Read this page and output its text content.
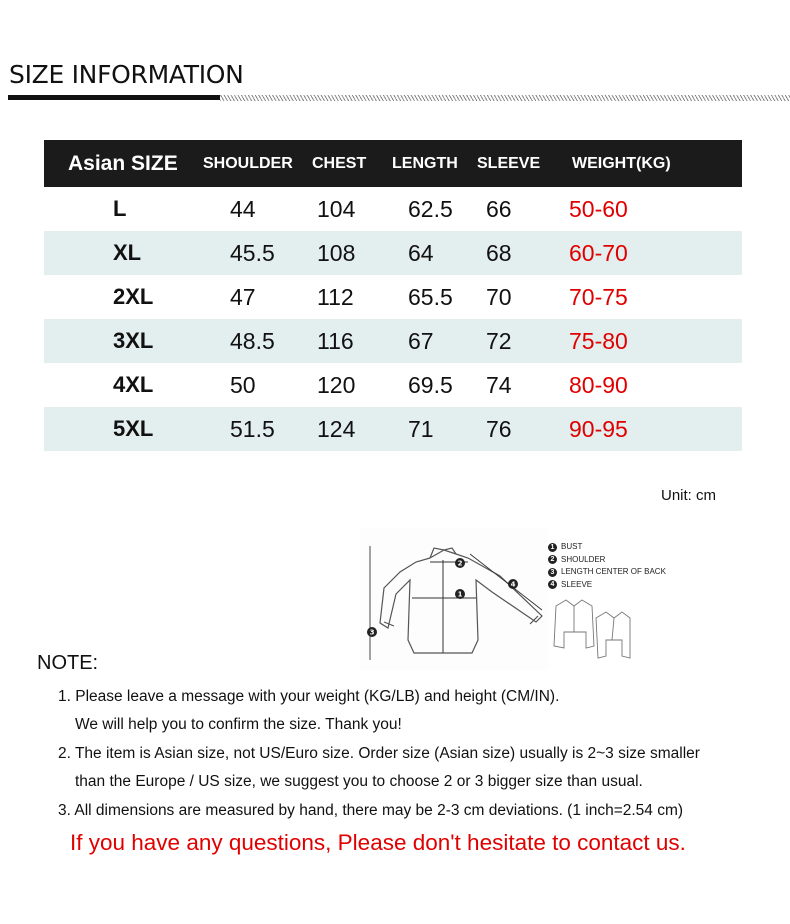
SIZE INFORMATION
Asian SIZE SHOULDER CHEST LENGTH SLEEVE WEIGHT(KG)
L	44	104 62.5 66 50-60
XL	45.5 108 64 68 60-70
2XL	47	112 65.5 70 70-75
3XL	48.5 116 67 72 75-80
4XL	50	120 69.5 74 80-90
5XL	51.5 124 71 76 90-95
Unit: cm
1
2
3
4
1 BUST
2 SHOULDER
3 LENGTH CENTER OF BACK
4 SLEEVE
NOTE:
1. Please leave a message with your weight (KG/LB) and height (CM/IN).
We will help you to confirm the size. Thank you!
2. The item is Asian size, not US/Euro size. Order size (Asian size) usually is 2~3 size smaller
than the Europe / US size, we suggest you to choose 2 or 3 bigger size than usual.
3. All dimensions are measured by hand, there may be 2-3 cm deviations. (1 inch=2.54 cm)
If you have any questions, Please don't hesitate to contact us.
